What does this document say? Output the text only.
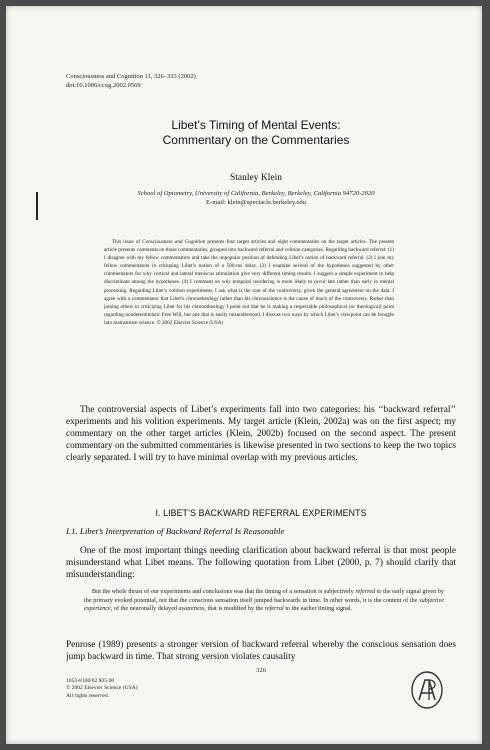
Consciousness and Cognition 11, 326–333 (2002)
doi:10.1006/ccog.2002.0569
Libet’s Timing of Mental Events:
Commentary on the Commentaries
Stanley Klein
School of Optometry, University of California, Berkeley, Berkeley, California 94720-2020
E-mail: klein@spectacle.berkeley.edu
This issue of Consciousness and Cognition presents four target articles and eight commentaries on the target articles. The present article presents comments on those commentaries, grouped into backward referral and volition categories. Regarding backward referral: (1) I disagree with my fellow commentators and take the unpopular position of defending Libet’s notion of backward referral. (2) I join my fellow commentators in critiquing Libet’s notion of a 500-ms delay. (3) I examine several of the hypotheses suggested by other commentators for why cortical and lateral meniscus stimulation give very different timing results. I suggest a simple experiment to help discriminate among the hypotheses. (4) I comment on why temporal reordering is more likely to occur late rather than early in mental processing. Regarding Libet’s volition experiments, I ask what is the root of the controversy, given the general agreement on the data. I agree with a commentator that Libet’s chronotheology rather than his chronoscience is the cause of much of the controversy. Rather than joining others in criticizing Libet for his chronotheology I point out that he is making a respectable philosophical (or theological) point regarding nondeterministic Free Will, but one that is easily misunderstood. I discuss two ways by which Libet’s viewpoint can be brought into mainstream science. © 2002 Elsevier Science (USA)
The controversial aspects of Libet’s experiments fall into two categories: his ‘‘backward referral’’ experiments and his volition experiments. My target article (Klein, 2002a) was on the first aspect; my commentary on the other target articles (Klein, 2002b) focused on the second aspect. The present commentary on the submitted commentaries is likewise presented in two sections to keep the two topics clearly separated. I will try to have minimal overlap with my previous articles.
I. LIBET’S BACKWARD REFERRAL EXPERIMENTS
I.1. Libet’s Interpretation of Backward Referral Is Reasonable
One of the most important things needing clarification about backward referral is that most people misunderstand what Libet means. The following quotation from Libet (2000, p. 7) should clarify that misunderstanding:
But the whole thrust of our experiments and conclusions was that the timing of a sensation is subjectively referred to the early signal given by the primary evoked potential, not that the conscious sensation itself jumped backwards in time. In other words, it is the content of the subjective experience, of the neuronally delayed awareness, that is modified by the referral to the earlier timing signal.
Penrose (1989) presents a stronger version of backward referral whereby the conscious sensation does jump backward in time. That strong version violates causality
326
1053-8100/02 $35.00
© 2002 Elsevier Science (USA)
All rights reserved.
